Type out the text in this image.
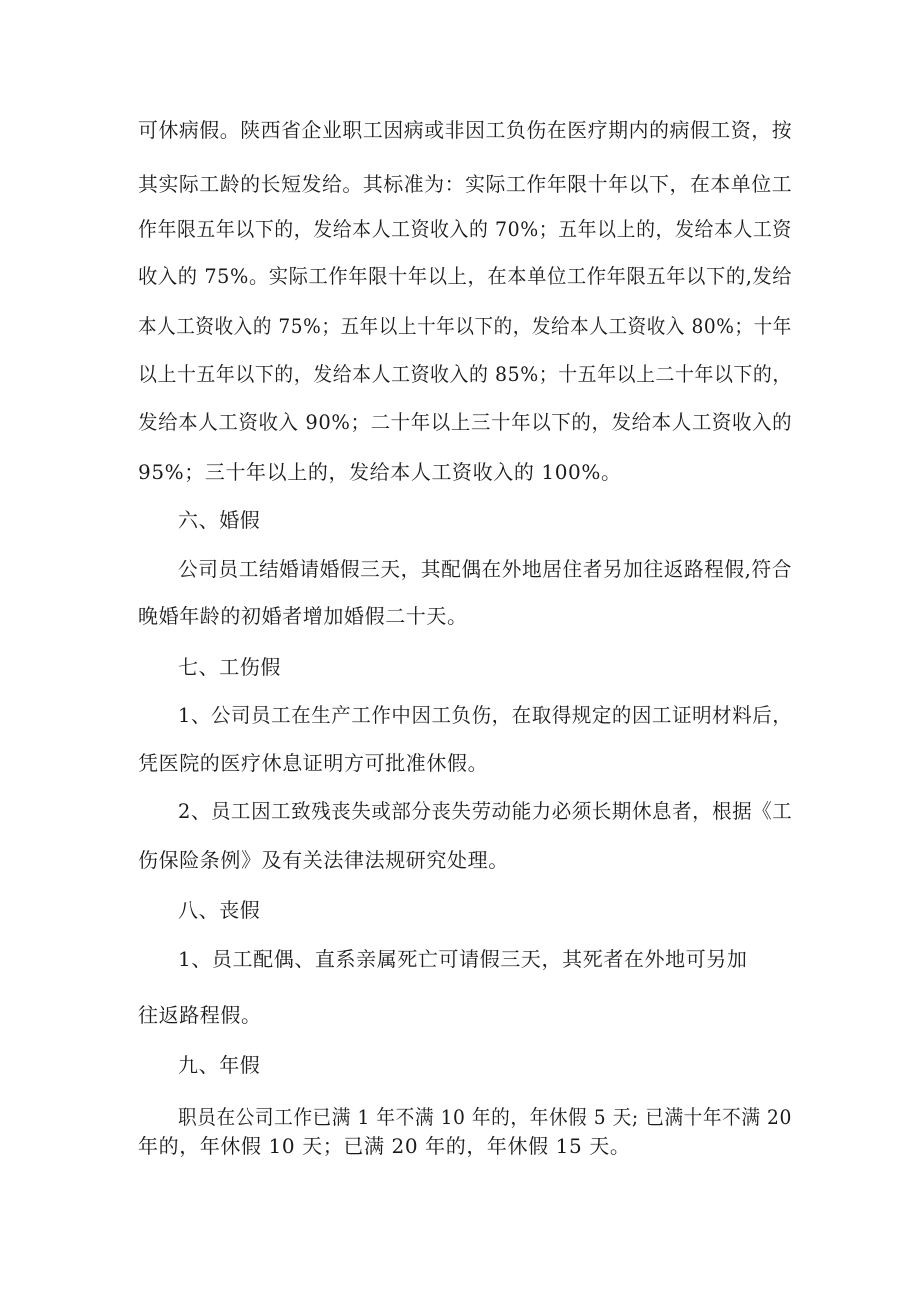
可休病假。陕西省企业职工因病或非因工负伤在医疗期内的病假工资，按
其实际工龄的长短发给。其标准为：实际工作年限十年以下，在本单位工
作年限五年以下的，发给本人工资收入的 70%；五年以上的，发给本人工资
收入的 75%。实际工作年限十年以上，在本单位工作年限五年以下的,发给
本人工资收入的 75%；五年以上十年以下的，发给本人工资收入 80%；十年
以上十五年以下的，发给本人工资收入的 85%；十五年以上二十年以下的，
发给本人工资收入 90%；二十年以上三十年以下的，发给本人工资收入的
95%；三十年以上的，发给本人工资收入的 100%。
六、婚假
公司员工结婚请婚假三天，其配偶在外地居住者另加往返路程假,符合
晚婚年龄的初婚者增加婚假二十天。
七、工伤假
1、公司员工在生产工作中因工负伤，在取得规定的因工证明材料后，
凭医院的医疗休息证明方可批准休假。
2、员工因工致残丧失或部分丧失劳动能力必须长期休息者，根据《工
伤保险条例》及有关法律法规研究处理。
八、丧假
1、员工配偶、直系亲属死亡可请假三天，其死者在外地可另加
往返路程假。
九、年假
职员在公司工作已满 1 年不满 10 年的，年休假 5 天; 已满十年不满 20
年的，年休假 10 天；已满 20 年的，年休假 15 天。
